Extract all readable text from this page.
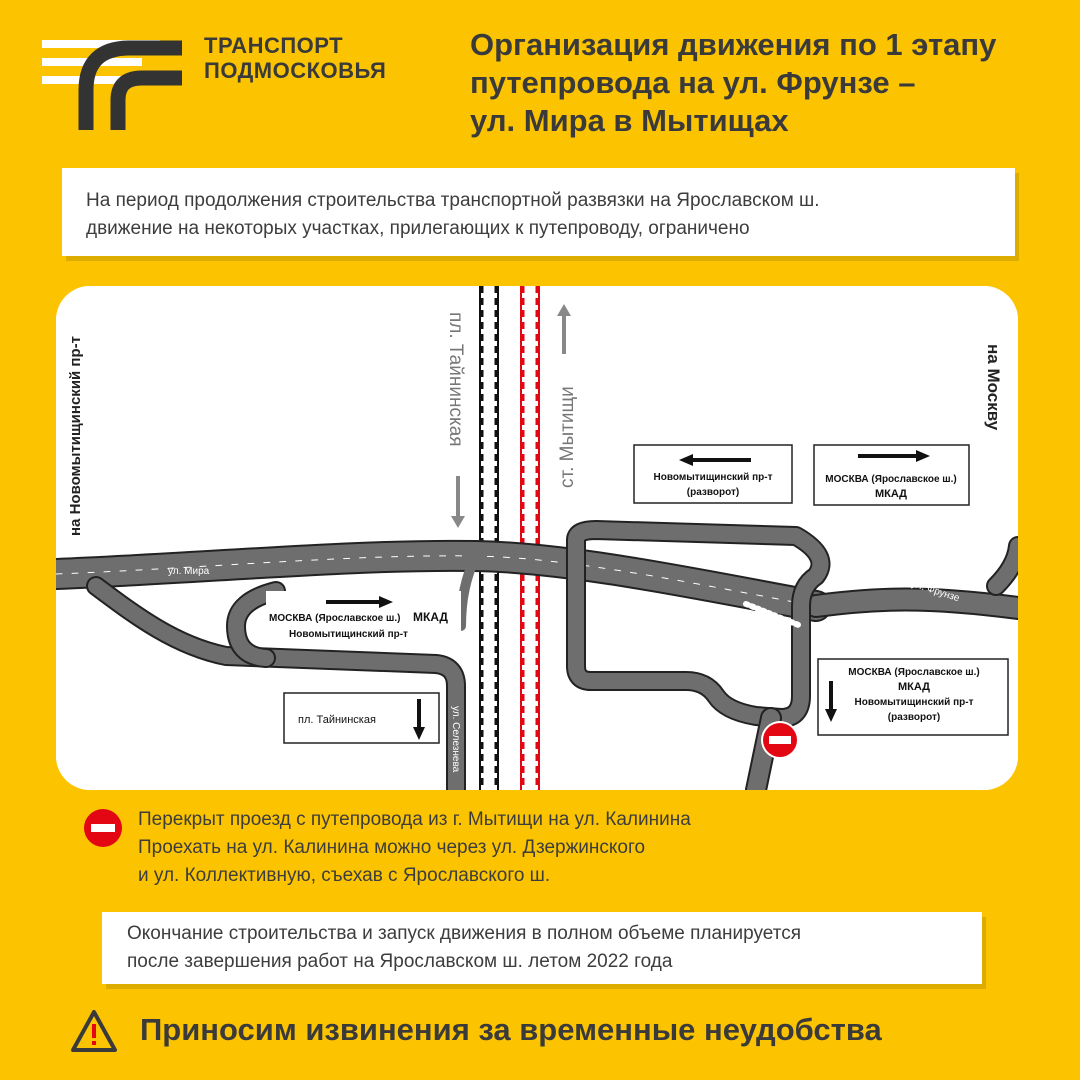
ТРАНСПОРТ
ПОДМОСКОВЬЯ
Организация движения по 1 этапу
путепровода на ул. Фрунзе –
ул. Мира в Мытищах
На период продолжения строительства транспортной развязки на Ярославском ш.
движение на некоторых участках, прилегающих к путепроводу, ограничено
на Новомытищинский пр-т	на Москву
пл. Тайнинская	ст. Мытищи
ул. Мира
ул. Фрунзе
ул. Селезнева
Новомытищинский пр-т
(разворот)
МОСКВА (Ярославское ш.)
МКАД
МОСКВА (Ярославское ш.) МКАД
Новомытищинский пр-т
пл. Тайнинская
МОСКВА (Ярославское ш.)
МКАД
Новомытищинский пр-т
(разворот)
Перекрыт проезд с путепровода из г. Мытищи на ул. Калинина
Проехать на ул. Калинина можно через ул. Дзержинского
и ул. Коллективную, съехав с Ярославского ш.
Окончание строительства и запуск движения в полном объеме планируется
после завершения работ на Ярославском ш. летом 2022 года
Приносим извинения за временные неудобства
